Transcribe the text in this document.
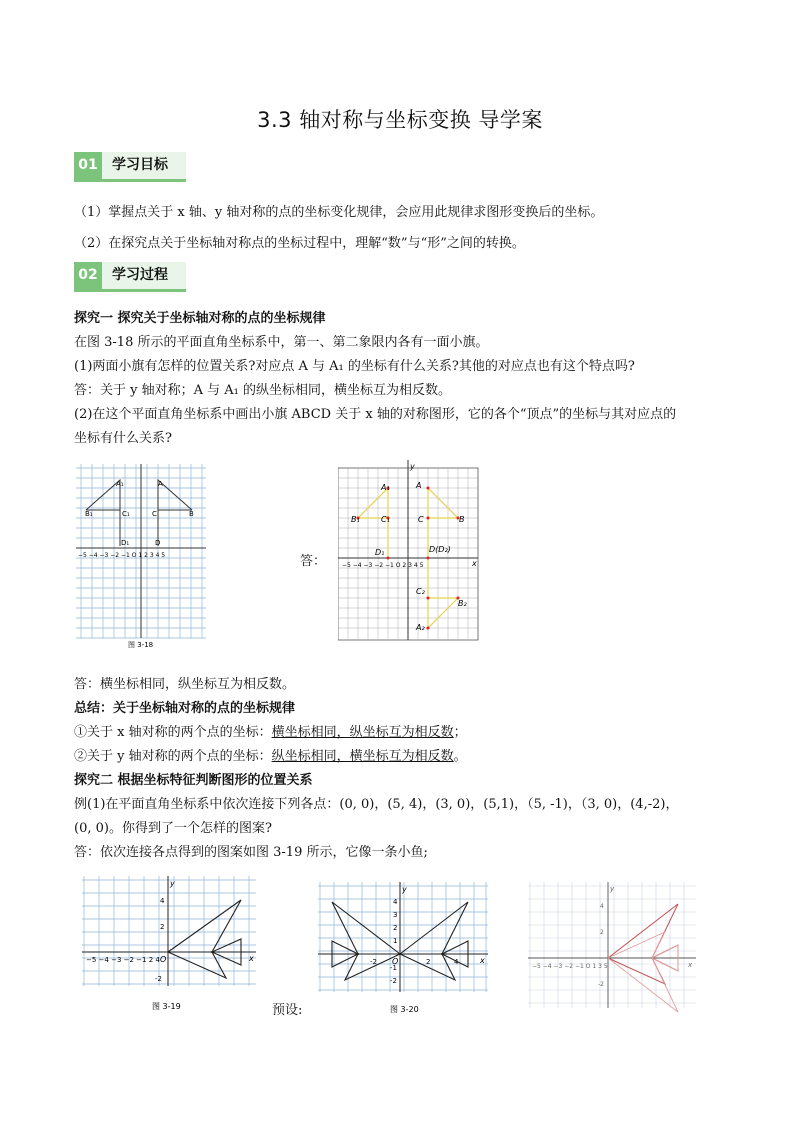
3.3 轴对称与坐标变换 导学案
01	学习目标
（1）掌握点关于 x 轴、y 轴对称的点的坐标变化规律，会应用此规律求图形变换后的坐标。
（2）在探究点关于坐标轴对称点的坐标过程中，理解“数”与“形”之间的转换。
02	学习过程
探究一 探究关于坐标轴对称的点的坐标规律
在图 3-18 所示的平面直角坐标系中，第一、第二象限内各有一面小旗。
(1)两面小旗有怎样的位置关系?对应点 A 与 A₁ 的坐标有什么关系?其他的对应点也有这个特点吗?
答：关于 y 轴对称；A 与 A₁ 的纵坐标相同，横坐标互为相反数。
(2)在这个平面直角坐标系中画出小旗 ABCD 关于 x 轴的对称图形，它的各个“顶点”的坐标与其对应点的
坐标有什么关系?
A₁	A
B₁	B
C₁	C
D₁	D
−5 −4 −3 −2 −1 O 1 2 3 4 5
图 3-18
答：
A₁	A
B₁	B
C₁	C
D₁	D(D₂)
C₂
B₂
A₂
y
x
−5 −4 −3 −2 −1 O 2 3 4 5
答：横坐标相同，纵坐标互为相反数。
总结：关于坐标轴对称的点的坐标规律
①关于 x 轴对称的两个点的坐标：横坐标相同，纵坐标互为相反数；
②关于 y 轴对称的两个点的坐标：纵坐标相同，横坐标互为相反数。
探究二 根据坐标特征判断图形的位置关系
例(1)在平面直角坐标系中依次连接下列各点：(0, 0)，(5, 4)，(3, 0)，(5,1)，（5, -1)，（3, 0)，(4,-2)，
(0, 0)。你得到了一个怎样的图案?
答：依次连接各点得到的图案如图 3-19 所示，它像一条小鱼;
y
x
O
−5 −4 −3 −2 −1 2 4
4
2
-2
图 3-19	预设:
y
x
O
-2	2	4
4
3
2
1
-1
-2
图 3-20
y
x
−5 −4 −3 −2 −1 O 1 3 5
4
2
-2
